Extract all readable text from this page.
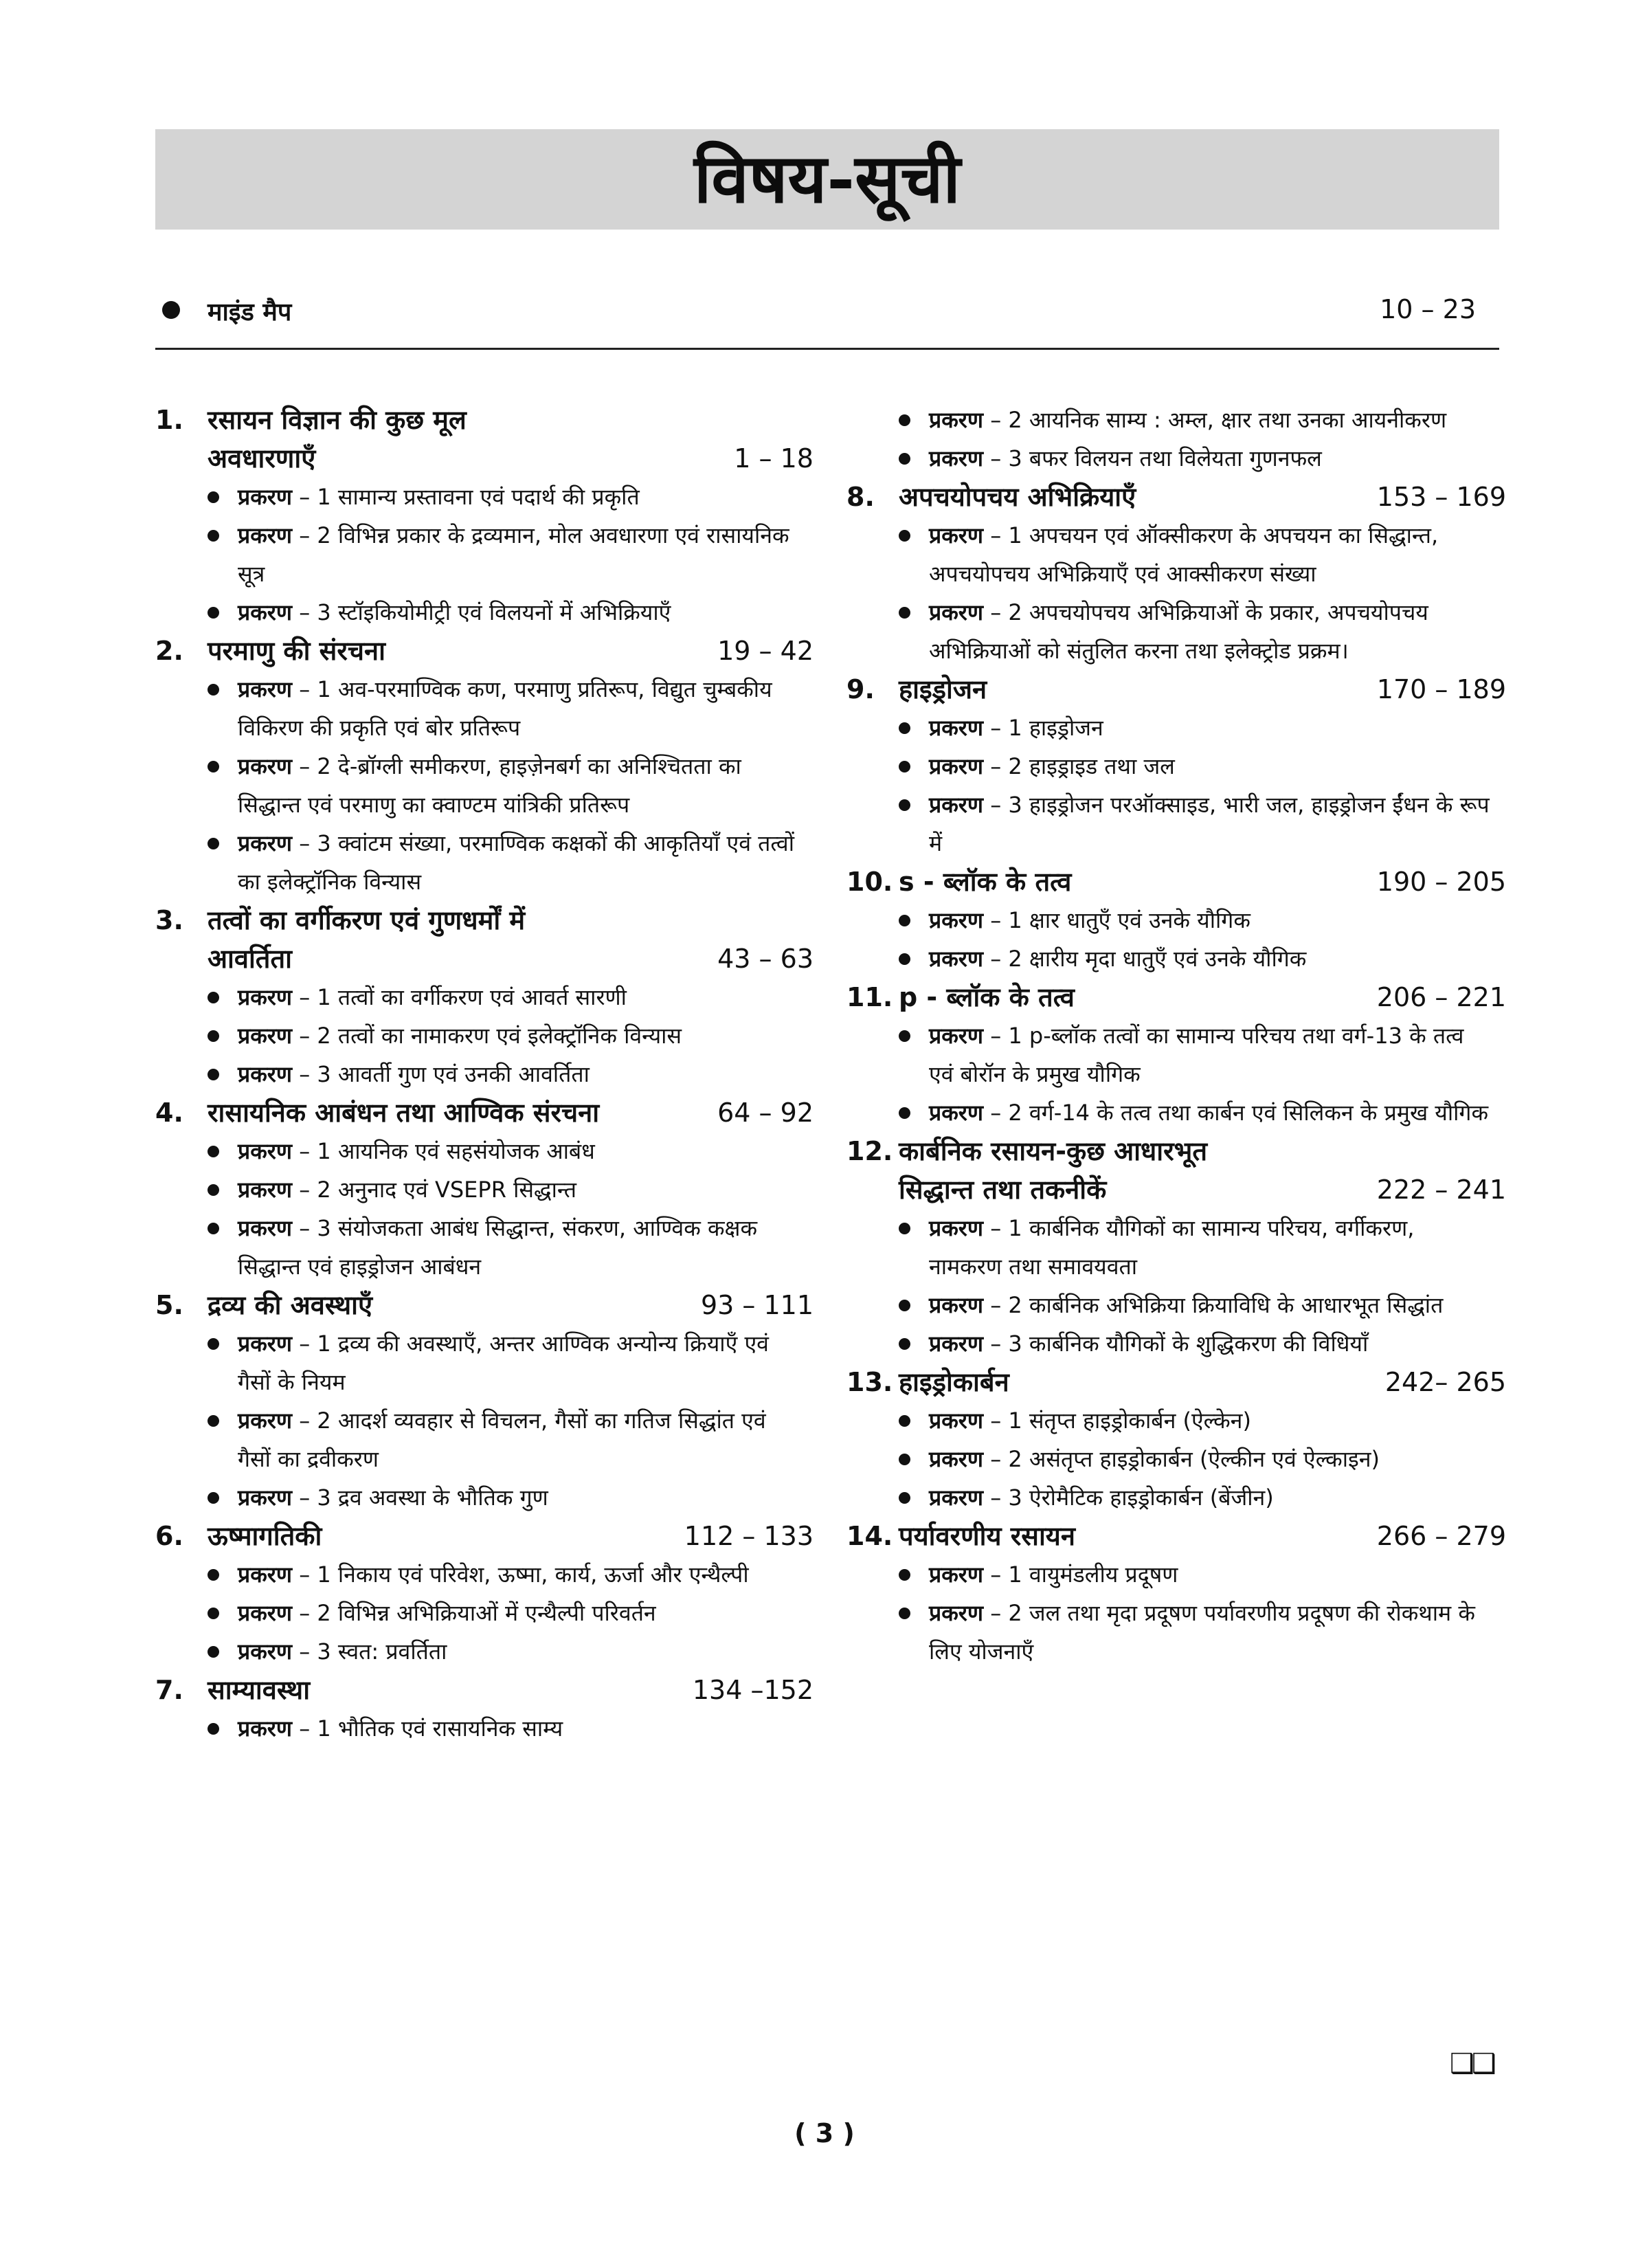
विषय-सूची
माइंड मैप	10 – 23
1. रसायन विज्ञान की कुछ मूल
अवधारणाएँ	1 – 18
प्रकरण – 1 सामान्य प्रस्तावना एवं पदार्थ की प्रकृति
प्रकरण – 2 विभिन्न प्रकार के द्रव्यमान, मोल अवधारणा एवं रासायनिक सूत्र
प्रकरण – 3 स्टॉइकियोमीट्री एवं विलयनों में अभिक्रियाएँ
2. परमाणु की संरचना	19 – 42
प्रकरण – 1 अव-परमाण्विक कण, परमाणु प्रतिरूप, विद्युत चुम्बकीय विकिरण की प्रकृति एवं बोर प्रतिरूप
प्रकरण – 2 दे-ब्रॉग्ली समीकरण, हाइज़ेनबर्ग का अनिश्चितता का सिद्धान्त एवं परमाणु का क्वाण्टम यांत्रिकी प्रतिरूप
प्रकरण – 3 क्वांटम संख्या, परमाण्विक कक्षकों की आकृतियाँ एवं तत्वों का इलेक्ट्रॉनिक विन्यास
3. तत्वों का वर्गीकरण एवं गुणधर्मों में
आवर्तिता	43 – 63
प्रकरण – 1 तत्वों का वर्गीकरण एवं आवर्त सारणी
प्रकरण – 2 तत्वों का नामाकरण एवं इलेक्ट्रॉनिक विन्यास
प्रकरण – 3 आवर्ती गुण एवं उनकी आवर्तिता
4. रासायनिक आबंधन तथा आण्विक संरचना	64 – 92
प्रकरण – 1 आयनिक एवं सहसंयोजक आबंध
प्रकरण – 2 अनुनाद एवं VSEPR सिद्धान्त
प्रकरण – 3 संयोजकता आबंध सिद्धान्त, संकरण, आण्विक कक्षक सिद्धान्त एवं हाइड्रोजन आबंधन
5. द्रव्य की अवस्थाएँ	93 – 111
प्रकरण – 1 द्रव्य की अवस्थाएँ, अन्तर आण्विक अन्योन्य क्रियाएँ एवं गैसों के नियम
प्रकरण – 2 आदर्श व्यवहार से विचलन, गैसों का गतिज सिद्धांत एवं गैसों का द्रवीकरण
प्रकरण – 3 द्रव अवस्था के भौतिक गुण
6. ऊष्मागतिकी	112 – 133
प्रकरण – 1 निकाय एवं परिवेश, ऊष्मा, कार्य, ऊर्जा और एन्थैल्पी
प्रकरण – 2 विभिन्न अभिक्रियाओं में एन्थैल्पी परिवर्तन
प्रकरण – 3 स्वत: प्रवर्तिता
7. साम्यावस्था	134 –152
प्रकरण – 1 भौतिक एवं रासायनिक साम्य
प्रकरण – 2 आयनिक साम्य : अम्ल, क्षार तथा उनका आयनीकरण
प्रकरण – 3 बफर विलयन तथा विलेयता गुणनफल
8. अपचयोपचय अभिक्रियाएँ	153 – 169
प्रकरण – 1 अपचयन एवं ऑक्सीकरण के अपचयन का सिद्धान्त, अपचयोपचय अभिक्रियाएँ एवं आक्सीकरण संख्या
प्रकरण – 2 अपचयोपचय अभिक्रियाओं के प्रकार, अपचयोपचय अभिक्रियाओं को संतुलित करना तथा इलेक्ट्रोड प्रक्रम।
9. हाइड्रोजन	170 – 189
प्रकरण – 1 हाइड्रोजन
प्रकरण – 2 हाइड्राइड तथा जल
प्रकरण – 3 हाइड्रोजन परऑक्साइड, भारी जल, हाइड्रोजन ईंधन के रूप में
10. s - ब्लॉक के तत्व	190 – 205
प्रकरण – 1 क्षार धातुएँ एवं उनके यौगिक
प्रकरण – 2 क्षारीय मृदा धातुएँ एवं उनके यौगिक
11. p - ब्लॉक के तत्व	206 – 221
प्रकरण – 1 p-ब्लॉक तत्वों का सामान्य परिचय तथा वर्ग-13 के तत्व एवं बोरॉन के प्रमुख यौगिक
प्रकरण – 2 वर्ग-14 के तत्व तथा कार्बन एवं सिलिकन के प्रमुख यौगिक
12. कार्बनिक रसायन-कुछ आधारभूत
सिद्धान्त तथा तकनीकें	222 – 241
प्रकरण – 1 कार्बनिक यौगिकों का सामान्य परिचय, वर्गीकरण, नामकरण तथा समावयवता
प्रकरण – 2 कार्बनिक अभिक्रिया क्रियाविधि के आधारभूत सिद्धांत
प्रकरण – 3 कार्बनिक यौगिकों के शुद्धिकरण की विधियाँ
13. हाइड्रोकार्बन	242– 265
प्रकरण – 1 संतृप्त हाइड्रोकार्बन (ऐल्केन)
प्रकरण – 2 असंतृप्त हाइड्रोकार्बन (ऐल्कीन एवं ऐल्काइन)
प्रकरण – 3 ऐरोमैटिक हाइड्रोकार्बन (बेंजीन)
14. पर्यावरणीय रसायन	266 – 279
प्रकरण – 1 वायुमंडलीय प्रदूषण
प्रकरण – 2 जल तथा मृदा प्रदूषण पर्यावरणीय प्रदूषण की रोकथाम के लिए योजनाएँ
❑❑
( 3 )
